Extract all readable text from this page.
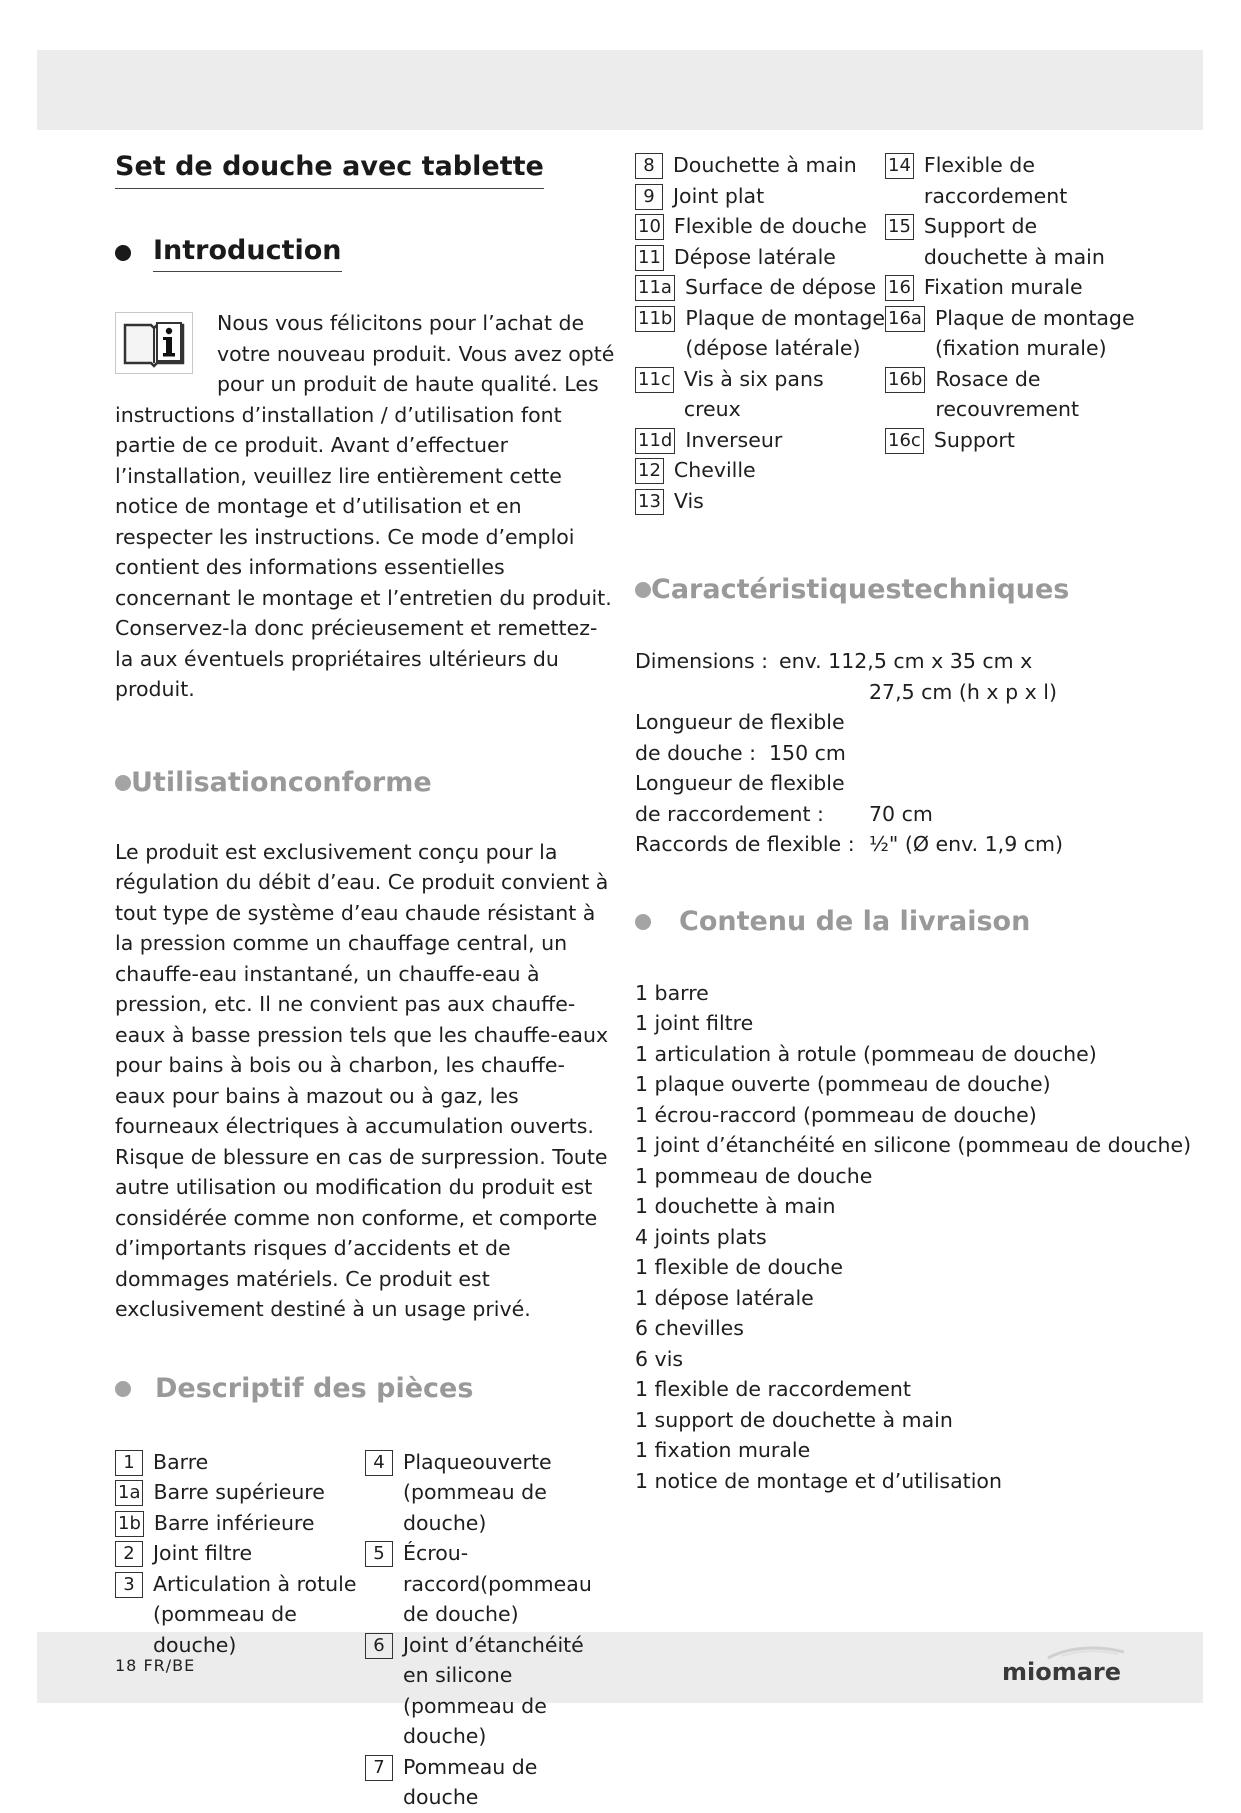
Set de douche avec tablette
Introduction

Nous vous félicitons pour l’achat de votre nouveau produit. Vous avez opté pour un produit de haute qualité. Les instructions d’installation / d’utilisation font partie de ce produit. Avant d’effectuer l’installation, veuillez lire entièrement cette notice de montage et d’utilisation et en respecter les instructions. Ce mode d’emploi contient des informations essentielles concernant le montage et l’entretien du produit. Conservez-la donc précieusement et remettez-la aux éventuels propriétaires ultérieurs du produit.

Utilisationconforme

Le produit est exclusivement conçu pour la régulation du débit d’eau. Ce produit convient à tout type de système d’eau chaude résistant à la pression comme un chauffage central, un chauffe-eau instantané, un chauffe-eau à pression, etc. Il ne convient pas aux chauffe-eaux à basse pression tels que les chauffe-eaux pour bains à bois ou à charbon, les chauffe-eaux pour bains à mazout ou à gaz, les fourneaux électriques à accumulation ouverts. Risque de blessure en cas de surpression. Toute autre utilisation ou modification du produit est considérée comme non conforme, et comporte d’importants risques d’accidents et de dommages matériels. Ce produit est exclusivement destiné à un usage privé.

Descriptif des pièces
1 Barre
1a Barre supérieure
1b Barre inférieure
2 Joint filtre
3 Articulation à rotule (pommeau de douche)
4 Plaqueouverte (pommeau de douche)
5 Écrou-raccord(pommeau de douche)
6 Joint d’étanchéité en silicone (pommeau de douche)
7 Pommeau de douche
8 Douchette à main
9 Joint plat
10 Flexible de douche
11 Dépose latérale
11a Surface de dépose
11b Plaque de montage (dépose latérale)
11c Vis à six pans creux
11d Inverseur
12 Cheville
13 Vis
14 Flexible de raccordement
15 Support de douchette à main
16 Fixation murale
16a Plaque de montage (fixation murale)
16b Rosace de recouvrement
16c Support
Caractéristiquestechniques
Dimensions : env. 112,5 cm x 35 cm x
27,5 cm (h x p x l)
Longueur de flexible
de douche : 150 cm
Longueur de flexible
de raccordement :	70 cm
Raccords de flexible : ½" (Ø env. 1,9 cm)
Contenu de la livraison
1 barre
1 joint filtre
1 articulation à rotule (pommeau de douche)
1 plaque ouverte (pommeau de douche)
1 écrou-raccord (pommeau de douche)
1 joint d’étanchéité en silicone (pommeau de douche)
1 pommeau de douche
1 douchette à main
4 joints plats
1 flexible de douche
1 dépose latérale
6 chevilles
6 vis
1 flexible de raccordement
1 support de douchette à main
1 fixation murale
1 notice de montage et d’utilisation
18 FR/BE	miomare
